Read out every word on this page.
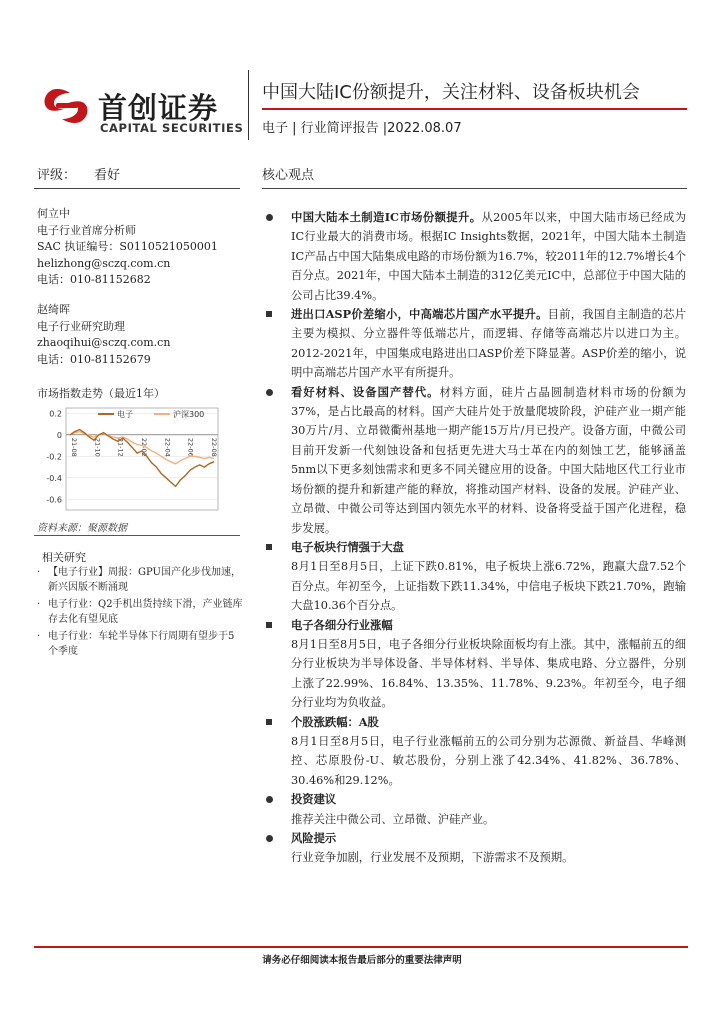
首创证券
CAPITAL SECURITIES
中国大陆IC份额提升，关注材料、设备板块机会
电子 | 行业简评报告 |2022.08.07
评级： 看好	核心观点
何立中
电子行业首席分析师
SAC 执证编号：S0110521050001
helizhong@sczq.com.cn
电话：010-81152682
赵绮晖
电子行业研究助理
zhaoqihui@sczq.com.cn
电话：010-81152679
市场指数走势（最近1年）
0.2
0
-0.2
-0.4
-0.6
21-08 21-10 21-12 22-02 22-04 22-06 22-08
电子	沪深300
资料来源：聚源数据
相关研究
· 【电子行业】周报：GPU国产化步伐加速，新兴因版不断涌现
· 电子行业：Q2手机出货持续下滑，产业链库存去化有望见底
· 电子行业：车轮半导体下行周期有望步于5个季度

中国大陆本土制造IC市场份额提升。从2005年以来，中国大陆市场已经成为IC行业最大的消费市场。根据IC Insights数据，2021年，中国大陆本土制造IC产品占中国大陆集成电路的市场份额为16.7%，较2011年的12.7%增长4个百分点。2021年，中国大陆本土制造的312亿美元IC中，总部位于中国大陆的公司占比39.4%。

进出口ASP价差缩小，中高端芯片国产水平提升。目前，我国自主制造的芯片主要为模拟、分立器件等低端芯片，而逻辑、存储等高端芯片以进口为主。2012-2021年，中国集成电路进出口ASP价差下降显著。ASP价差的缩小，说明中高端芯片国产水平有所提升。

看好材料、设备国产替代。材料方面，硅片占晶圆制造材料市场的份额为37%，是占比最高的材料。国产大硅片处于放量爬坡阶段，沪硅产业一期产能30万片/月、立昂微衢州基地一期产能15万片/月已投产。设备方面，中微公司目前开发新一代刻蚀设备和包括更先进大马士革在内的刻蚀工艺，能够涵盖5nm以下更多刻蚀需求和更多不同关键应用的设备。中国大陆地区代工行业市场份额的提升和新建产能的释放，将推动国产材料、设备的发展。沪硅产业、立昂微、中微公司等达到国内领先水平的材料、设备将受益于国产化进程，稳步发展。

电子板块行情强于大盘

8月1日至8月5日，上证下跌0.81%，电子板块上涨6.72%，跑赢大盘7.52个百分点。年初至今，上证指数下跌11.34%，中信电子板块下跌21.70%，跑输大盘10.36个百分点。

电子各细分行业涨幅

8月1日至8月5日，电子各细分行业板块除面板均有上涨。其中，涨幅前五的细分行业板块为半导体设备、半导体材料、半导体、集成电路、分立器件，分别上涨了22.99%、16.84%、13.35%、11.78%、9.23%。年初至今，电子细分行业均为负收益。

个股涨跌幅：A股

8月1日至8月5日，电子行业涨幅前五的公司分别为芯源微、新益昌、华峰测控、芯原股份-U、敏芯股份，分别上涨了42.34%、41.82%、36.78%、30.46%和29.12%。

投资建议

推荐关注中微公司、立昂微、沪硅产业。

风险提示

行业竞争加剧，行业发展不及预期，下游需求不及预期。

请务必仔细阅读本报告最后部分的重要法律声明
